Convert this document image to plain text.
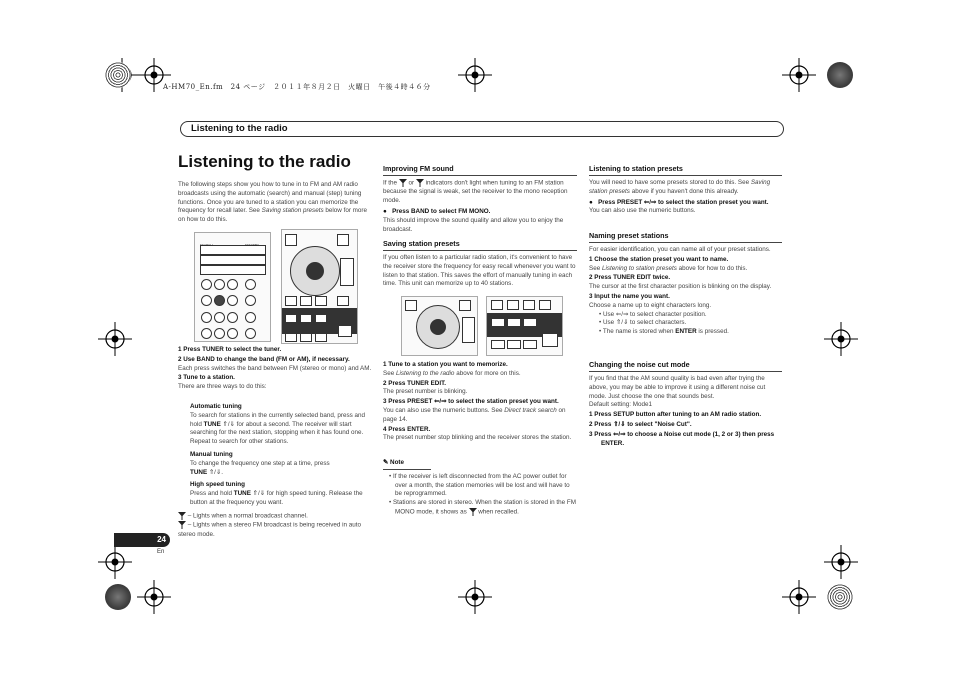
A-HM70_En.fm　24 ページ　２０１１年８月２日　火曜日　午後４時４６分
Listening to the radio
24
En
Listening to the radio

The following steps show you how to tune in to FM and AM radio broadcasts using the automatic (search) and manual (step) tuning functions. Once you are tuned to a station you can memorize the frequency for recall later. See Saving station presets below for more on how to do this.

SEARCH	STANDBY

1 Press TUNER to select the tuner.

2 Use BAND to change the band (FM or AM), if necessary.

Each press switches the band between FM (stereo or mono) and AM.

3 Tune to a station.

There are three ways to do this:

Automatic tuning

To search for stations in the currently selected band, press and hold TUNE ⇑/⇓ for about a second. The receiver will start searching for the next station, stopping when it has found one. Repeat to search for other stations.

Manual tuning

To change the frequency one step at a time, press
TUNE ⇑/⇓.

High speed tuning

Press and hold TUNE ⇑/⇓ for high speed tuning. Release the button at the frequency you want.

– Lights when a normal broadcast channel.

– Lights when a stereo FM broadcast is being received in auto stereo mode.

Improving FM sound

If the or indicators don't light when tuning to an FM station because the signal is weak, set the receiver to the mono reception mode.

●   Press BAND to select FM MONO.

This should improve the sound quality and allow you to enjoy the broadcast.

Saving station presets

If you often listen to a particular radio station, it's convenient to have the receiver store the frequency for easy recall whenever you want to listen to that station. This saves the effort of manually tuning in each time. This unit can memorize up to 40 stations.

1 Tune to a station you want to memorize.

See Listening to the radio above for more on this.

2 Press TUNER EDIT.

The preset number is blinking.

3 Press PRESET ⇐/⇒ to select the station preset you want.

You can also use the numeric buttons. See Direct track search on page 14.

4 Press ENTER.

The preset number stop blinking and the receiver stores the station.

✎ Note

• If the receiver is left disconnected from the AC power outlet for over a month, the station memories will be lost and will have to be reprogrammed.

• Stations are stored in stereo. When the station is stored in the FM MONO mode, it shows as when recalled.

Listening to station presets

You will need to have some presets stored to do this. See Saving station presets above if you haven't done this already.

●   Press PRESET ⇐/⇒ to select the station preset you want.

You can also use the numeric buttons.

Naming preset stations

For easier identification, you can name all of your preset stations.

1 Choose the station preset you want to name.

See Listening to station presets above for how to do this.

2 Press TUNER EDIT twice.

The cursor at the first character position is blinking on the display.

3 Input the name you want.

Choose a name up to eight characters long.

• Use ⇐/⇒ to select character position.

• Use ⇑/⇓ to select characters.

• The name is stored when ENTER is pressed.

Changing the noise cut mode

If you find that the AM sound quality is bad even after trying the above, you may be able to improve it using a different noise cut mode. Just choose the one that sounds best.

Default setting: Mode1

1 Press SETUP button after tuning to an AM radio station.

2 Press ⇑/⇓ to select "Noise Cut".

3 Press ⇐/⇒ to choose a Noise cut mode (1, 2 or 3) then press ENTER.
